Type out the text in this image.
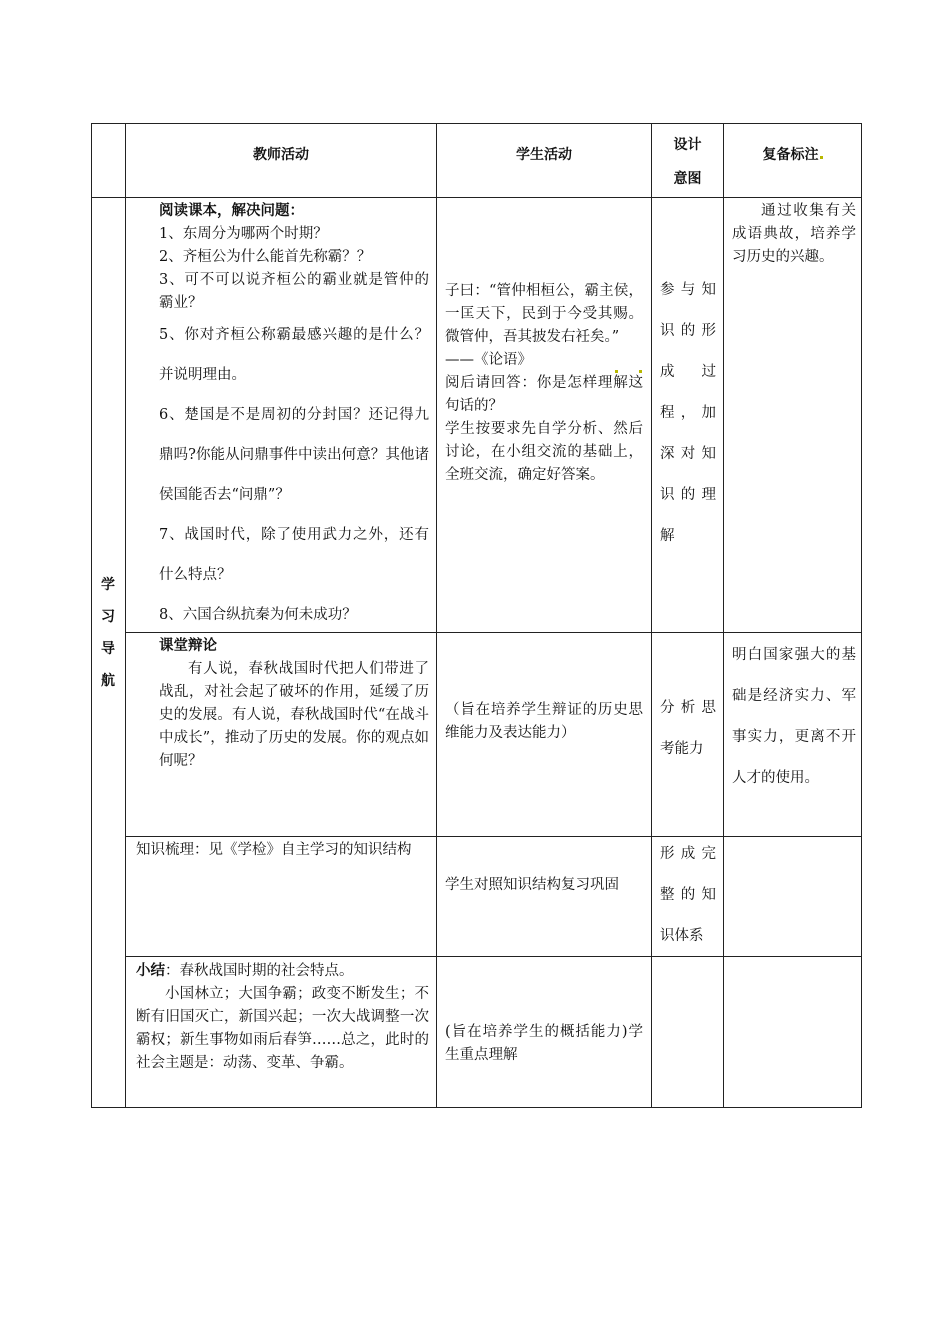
教师活动	学生活动
设计
意图
复备标注
学
习
导
航

阅读课本，解决问题：

1、东周分为哪两个时期？

2、齐桓公为什么能首先称霸？？

3、可不可以说齐桓公的霸业就是管仲的霸业？

5、你对齐桓公称霸最感兴趣的是什么？并说明理由。

6、楚国是不是周初的分封国？还记得九鼎吗?你能从问鼎事件中读出何意？其他诸侯国能否去“问鼎”？

7、战国时代，除了使用武力之外，还有什么特点？

8、六国合纵抗秦为何未成功？

子曰：“管仲相桓公，霸主侯，一匡天下，民到于今受其赐。微管仲，吾其披发右衽矣。”

——《论语》

阅后请回答：你是怎样理解这句话的？

学生按要求先自学分析、然后讨论，在小组交流的基础上，全班交流，确定好答案。

参与知识的形成过程，加深对知识的理解
通过收集有关成语典故，培养学习历史的兴趣。

课堂辩论

有人说，春秋战国时代把人们带进了战乱，对社会起了破坏的作用，延缓了历史的发展。有人说，春秋战国时代“在战斗中成长”，推动了历史的发展。你的观点如何呢？

（旨在培养学生辩证的历史思维能力及表达能力）
分析思考能力
明白国家强大的基础是经济实力、军事实力，更离不开人才的使用。
知识梳理：见《学检》自主学习的知识结构
学生对照知识结构复习巩固
形成完整的知识体系

小结：春秋战国时期的社会特点。

小国林立；大国争霸；政变不断发生；不断有旧国灭亡，新国兴起；一次大战调整一次霸权；新生事物如雨后春笋……总之，此时的社会主题是：动荡、变革、争霸。

(旨在培养学生的概括能力)学生重点理解
